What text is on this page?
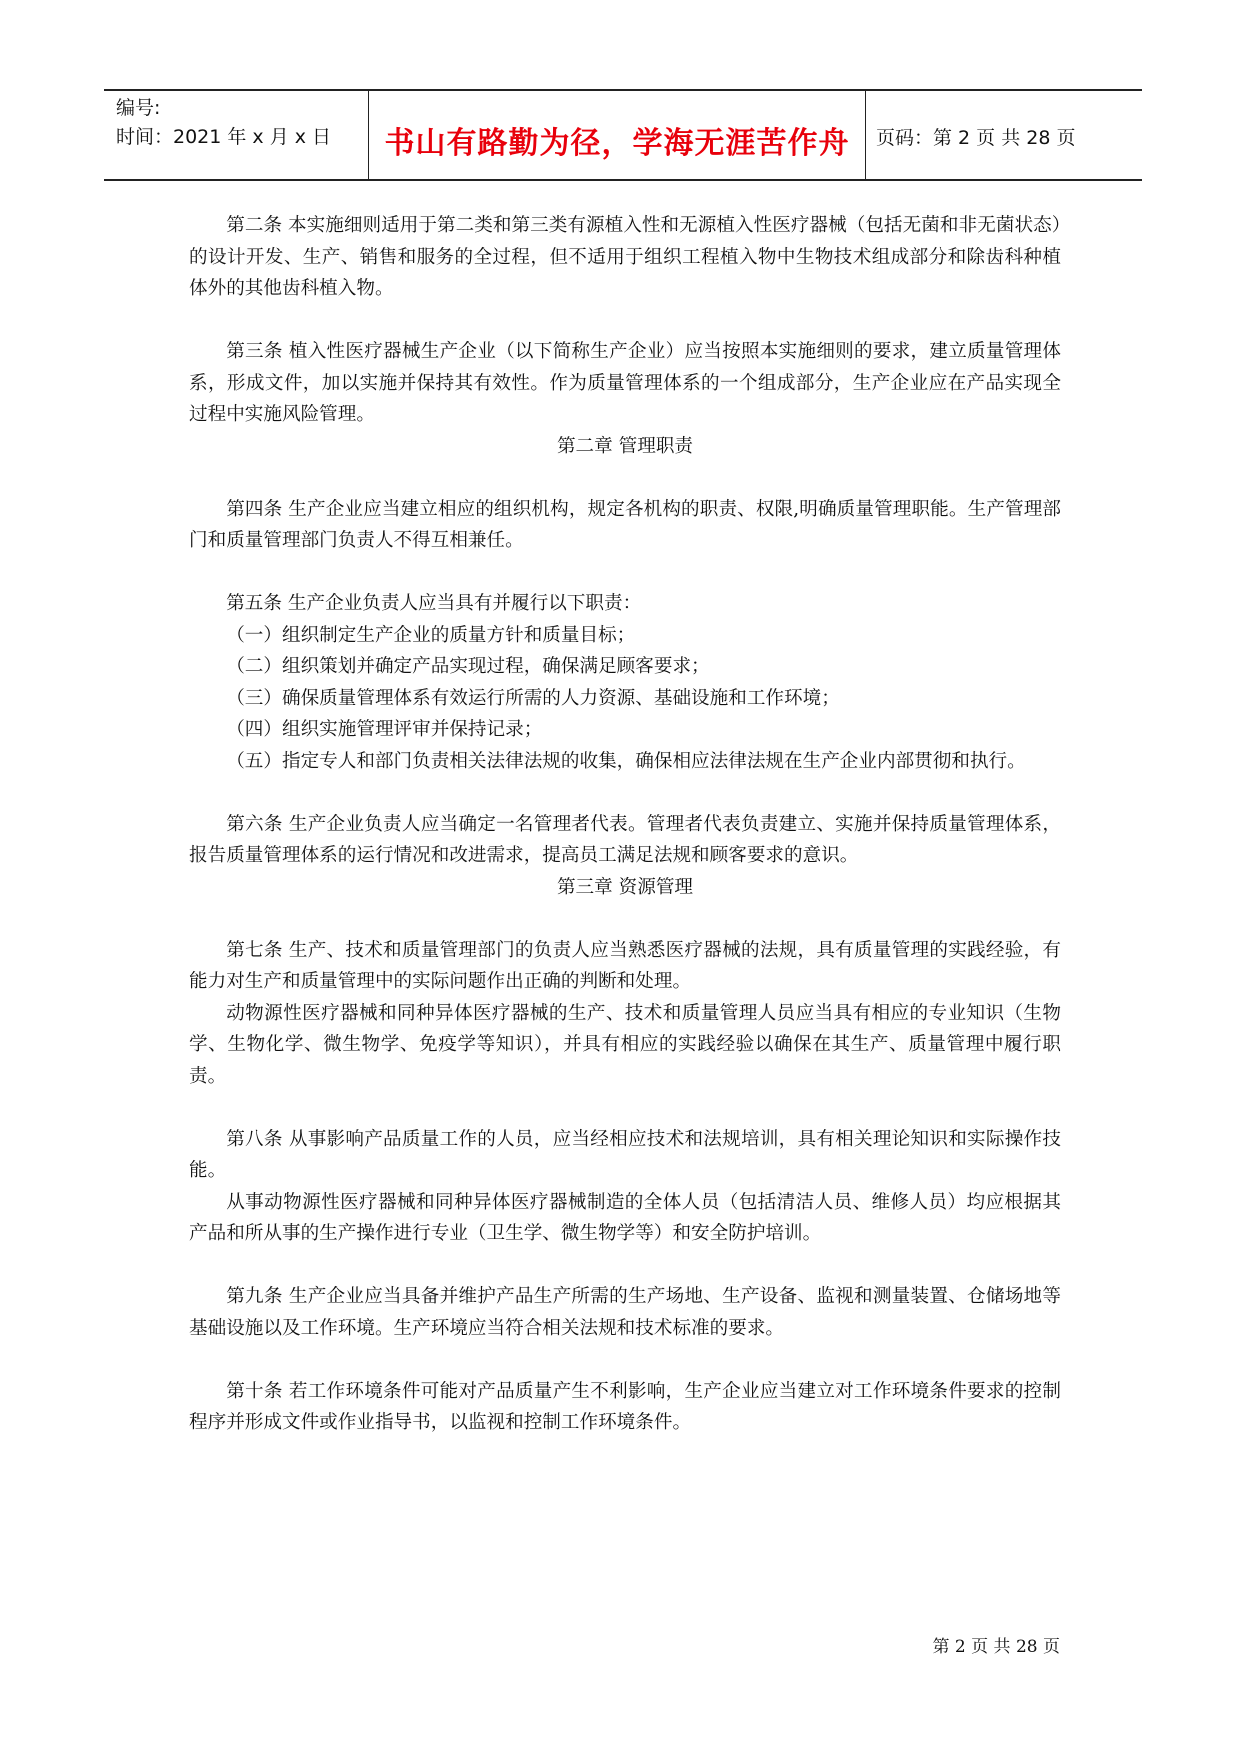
编号:
时间：2021 年 x 月 x 日	书山有路勤为径，学海无涯苦作舟	页码：第 2 页 共 28 页

第二条 本实施细则适用于第二类和第三类有源植入性和无源植入性医疗器械（包括无菌和非无菌状态）的设计开发、生产、销售和服务的全过程，但不适用于组织工程植入物中生物技术组成部分和除齿科种植体外的其他齿科植入物。

第三条 植入性医疗器械生产企业（以下简称生产企业）应当按照本实施细则的要求，建立质量管理体系，形成文件，加以实施并保持其有效性。作为质量管理体系的一个组成部分，生产企业应在产品实现全过程中实施风险管理。

第二章 管理职责

第四条 生产企业应当建立相应的组织机构，规定各机构的职责、权限,明确质量管理职能。生产管理部门和质量管理部门负责人不得互相兼任。

第五条 生产企业负责人应当具有并履行以下职责：

（一）组织制定生产企业的质量方针和质量目标；

（二）组织策划并确定产品实现过程，确保满足顾客要求；

（三）确保质量管理体系有效运行所需的人力资源、基础设施和工作环境；

（四）组织实施管理评审并保持记录；

（五）指定专人和部门负责相关法律法规的收集，确保相应法律法规在生产企业内部贯彻和执行。

第六条 生产企业负责人应当确定一名管理者代表。管理者代表负责建立、实施并保持质量管理体系，报告质量管理体系的运行情况和改进需求，提高员工满足法规和顾客要求的意识。

第三章 资源管理

第七条 生产、技术和质量管理部门的负责人应当熟悉医疗器械的法规，具有质量管理的实践经验，有能力对生产和质量管理中的实际问题作出正确的判断和处理。

动物源性医疗器械和同种异体医疗器械的生产、技术和质量管理人员应当具有相应的专业知识（生物学、生物化学、微生物学、免疫学等知识），并具有相应的实践经验以确保在其生产、质量管理中履行职责。

第八条 从事影响产品质量工作的人员，应当经相应技术和法规培训，具有相关理论知识和实际操作技能。

从事动物源性医疗器械和同种异体医疗器械制造的全体人员（包括清洁人员、维修人员）均应根据其产品和所从事的生产操作进行专业（卫生学、微生物学等）和安全防护培训。

第九条 生产企业应当具备并维护产品生产所需的生产场地、生产设备、监视和测量装置、仓储场地等基础设施以及工作环境。生产环境应当符合相关法规和技术标准的要求。

第十条 若工作环境条件可能对产品质量产生不利影响，生产企业应当建立对工作环境条件要求的控制程序并形成文件或作业指导书，以监视和控制工作环境条件。

第 2 页 共 28 页
